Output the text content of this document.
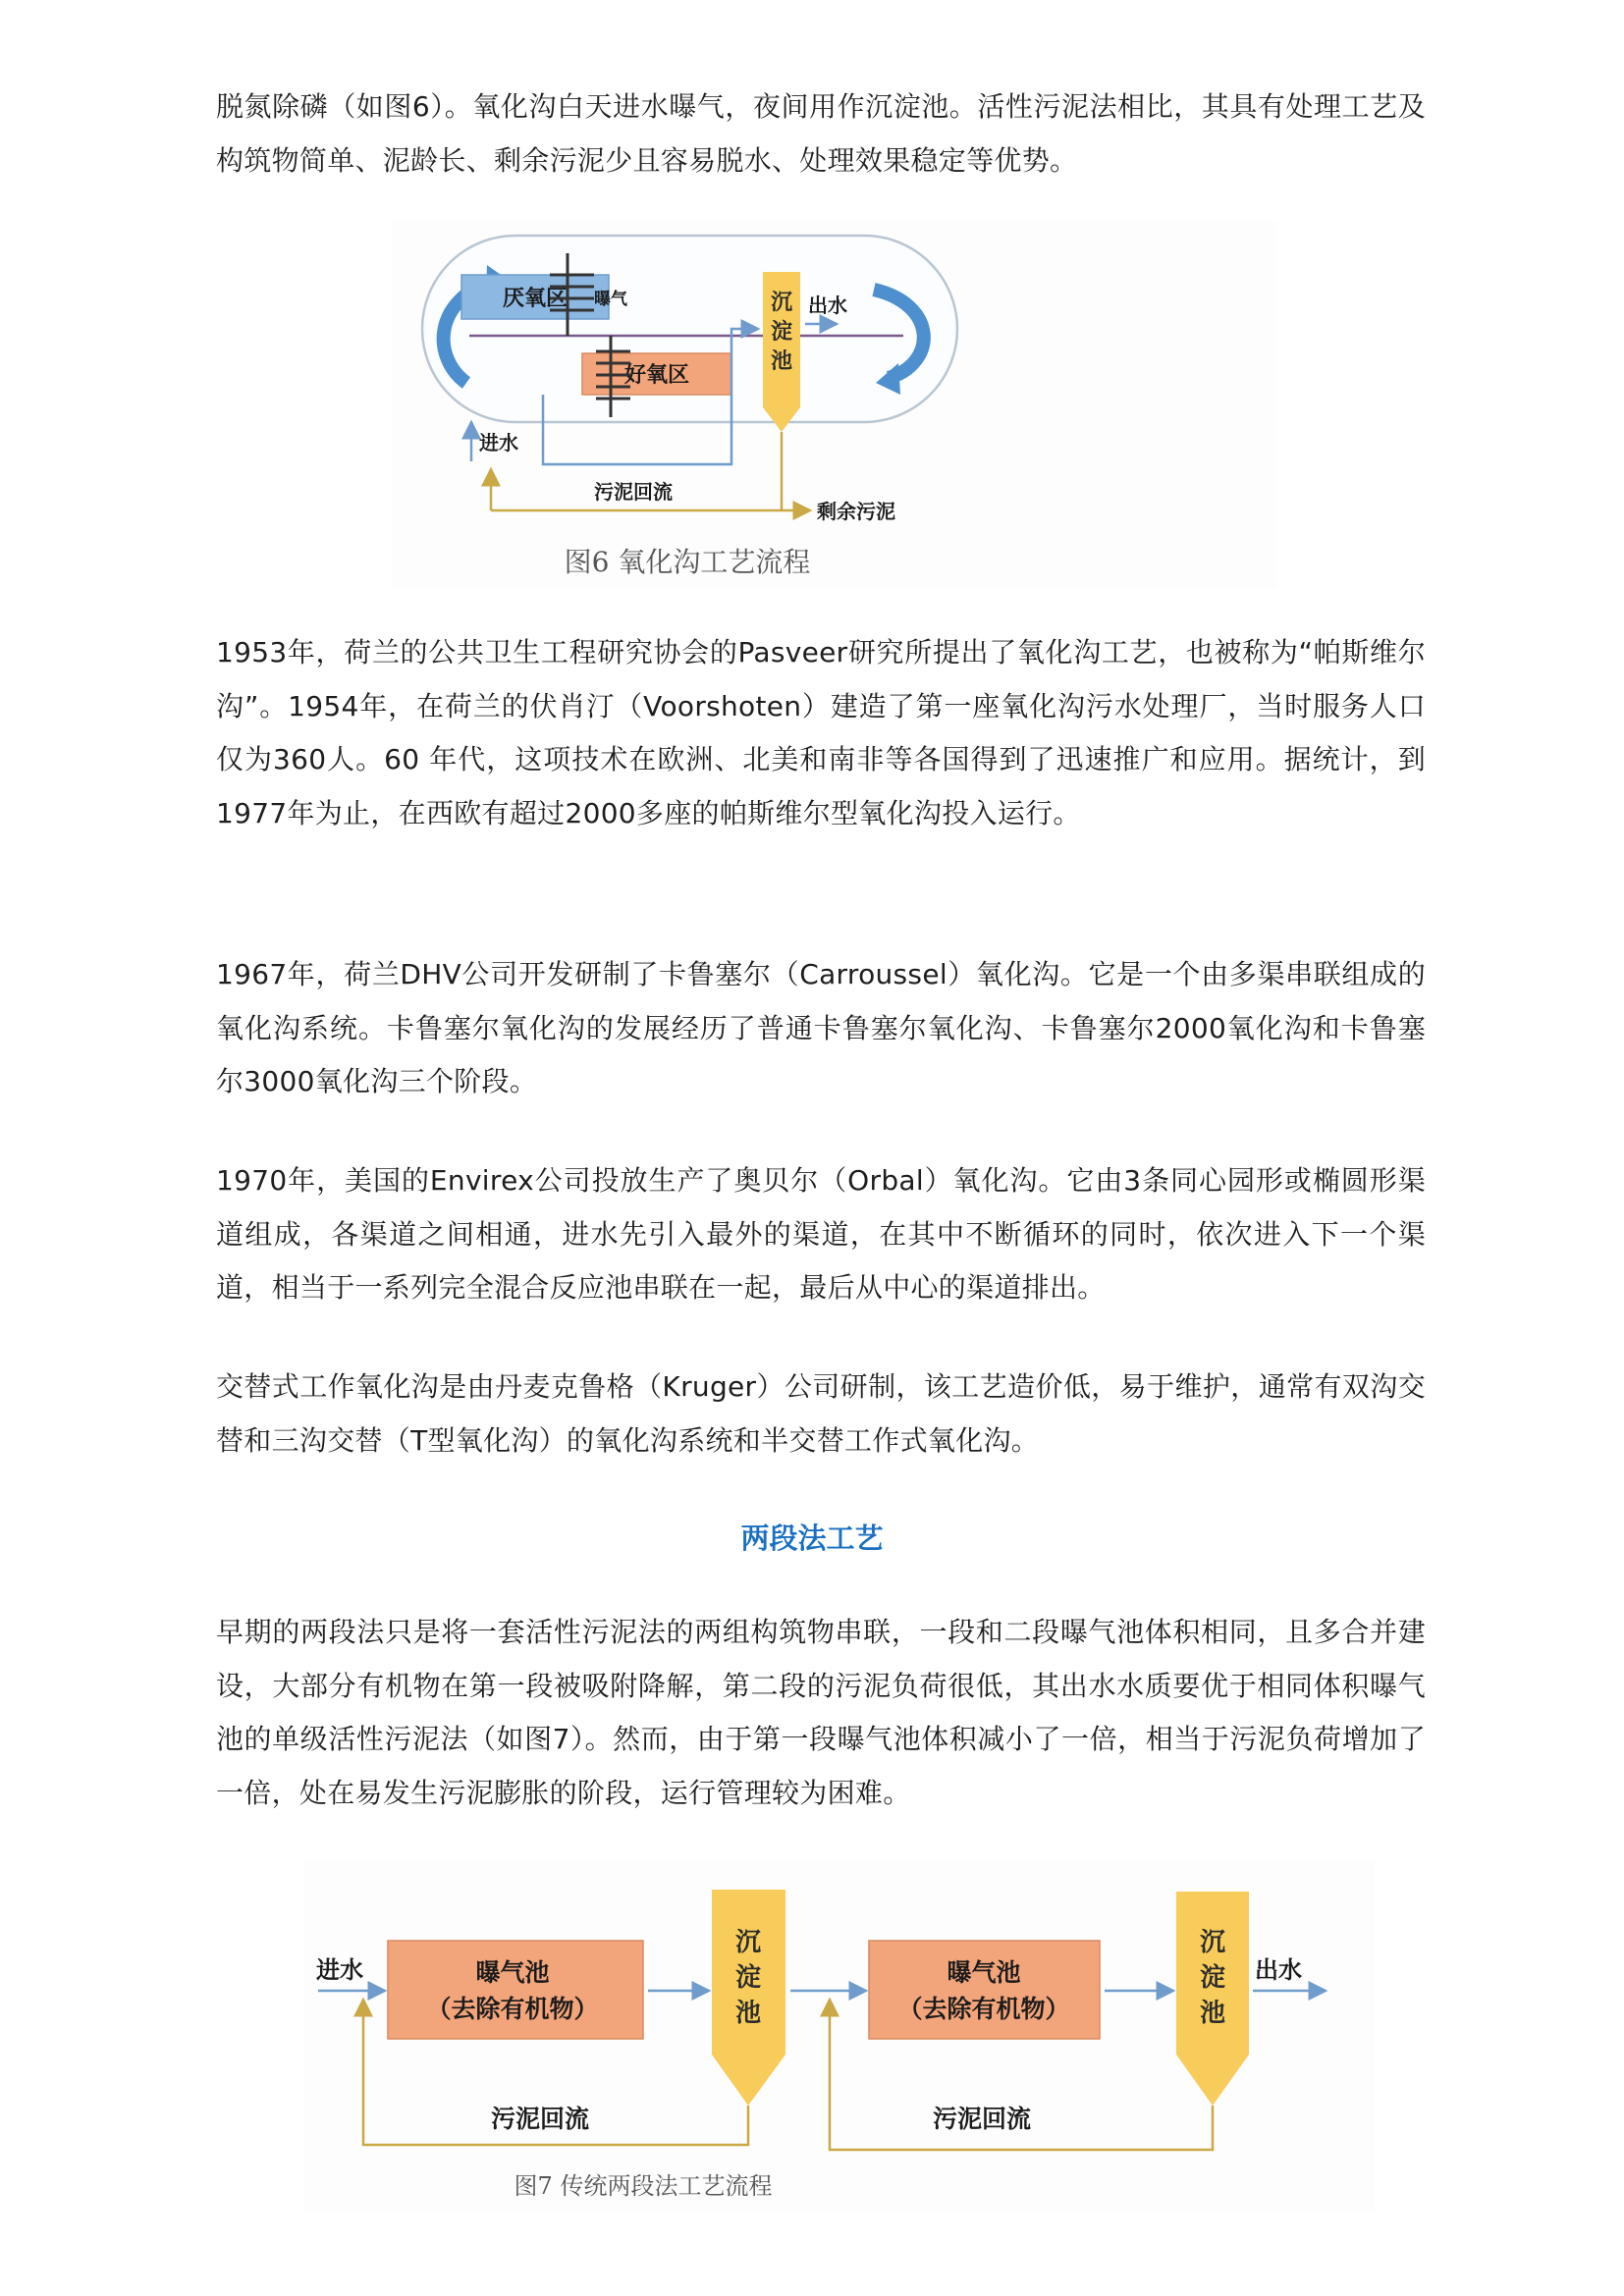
脱氮除磷（如图6）。氧化沟白天进水曝气，夜间用作沉淀池。活性污泥法相比，其具有处理工艺及构筑物简单、泥龄长、剩余污泥少且容易脱水、处理效果稳定等优势。

厌氧区
好氧区
曝气	沉
淀
池
出水
进水
污泥回流
剩余污泥
图6 氧化沟工艺流程

1953年，荷兰的公共卫生工程研究协会的Pasveer研究所提出了氧化沟工艺，也被称为“帕斯维尔沟”。1954年，在荷兰的伏肖汀（Voorshoten）建造了第一座氧化沟污水处理厂，当时服务人口仅为360人。60 年代，这项技术在欧洲、北美和南非等各国得到了迅速推广和应用。据统计，到1977年为止，在西欧有超过2000多座的帕斯维尔型氧化沟投入运行。

1967年，荷兰DHV公司开发研制了卡鲁塞尔（Carroussel）氧化沟。它是一个由多渠串联组成的氧化沟系统。卡鲁塞尔氧化沟的发展经历了普通卡鲁塞尔氧化沟、卡鲁塞尔2000氧化沟和卡鲁塞尔3000氧化沟三个阶段。

1970年，美国的Envirex公司投放生产了奥贝尔（Orbal）氧化沟。它由3条同心园形或椭圆形渠道组成，各渠道之间相通，进水先引入最外的渠道，在其中不断循环的同时，依次进入下一个渠道，相当于一系列完全混合反应池串联在一起，最后从中心的渠道排出。

交替式工作氧化沟是由丹麦克鲁格（Kruger）公司研制，该工艺造价低，易于维护，通常有双沟交替和三沟交替（T型氧化沟）的氧化沟系统和半交替工作式氧化沟。

两段法工艺

早期的两段法只是将一套活性污泥法的两组构筑物串联，一段和二段曝气池体积相同，且多合并建设，大部分有机物在第一段被吸附降解，第二段的污泥负荷很低，其出水水质要优于相同体积曝气池的单级活性污泥法（如图7）。然而，由于第一段曝气池体积减小了一倍，相当于污泥负荷增加了一倍，处在易发生污泥膨胀的阶段，运行管理较为困难。

进水	曝气池
（去除有机物）
沉
淀
池
污泥回流
曝气池
（去除有机物）
沉
淀
池
污泥回流
出水
图7 传统两段法工艺流程
